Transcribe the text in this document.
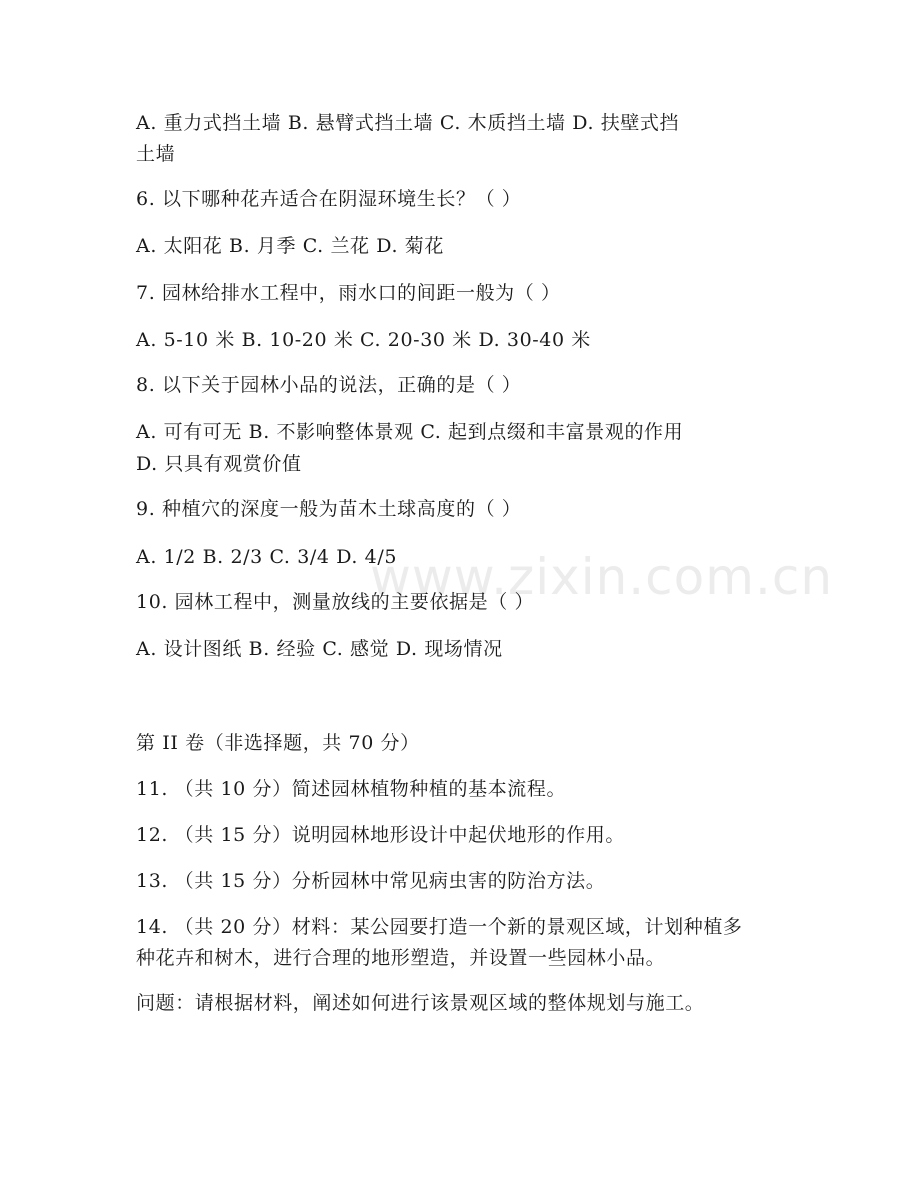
www.zixin.com.cn
A. 重力式挡土墙 B. 悬臂式挡土墙 C. 木质挡土墙 D. 扶壁式挡
土墙
6. 以下哪种花卉适合在阴湿环境生长？（ ）
A. 太阳花 B. 月季 C. 兰花 D. 菊花
7. 园林给排水工程中，雨水口的间距一般为（ ）
A. 5-10 米 B. 10-20 米 C. 20-30 米 D. 30-40 米
8. 以下关于园林小品的说法，正确的是（ ）
A. 可有可无 B. 不影响整体景观 C. 起到点缀和丰富景观的作用
D. 只具有观赏价值
9. 种植穴的深度一般为苗木土球高度的（ ）
A. 1/2 B. 2/3 C. 3/4 D. 4/5
10. 园林工程中，测量放线的主要依据是（ ）
A. 设计图纸 B. 经验 C. 感觉 D. 现场情况
第 II 卷（非选择题，共 70 分）
11. （共 10 分）简述园林植物种植的基本流程。
12. （共 15 分）说明园林地形设计中起伏地形的作用。
13. （共 15 分）分析园林中常见病虫害的防治方法。
14. （共 20 分）材料：某公园要打造一个新的景观区域，计划种植多
种花卉和树木，进行合理的地形塑造，并设置一些园林小品。
问题：请根据材料，阐述如何进行该景观区域的整体规划与施工。
